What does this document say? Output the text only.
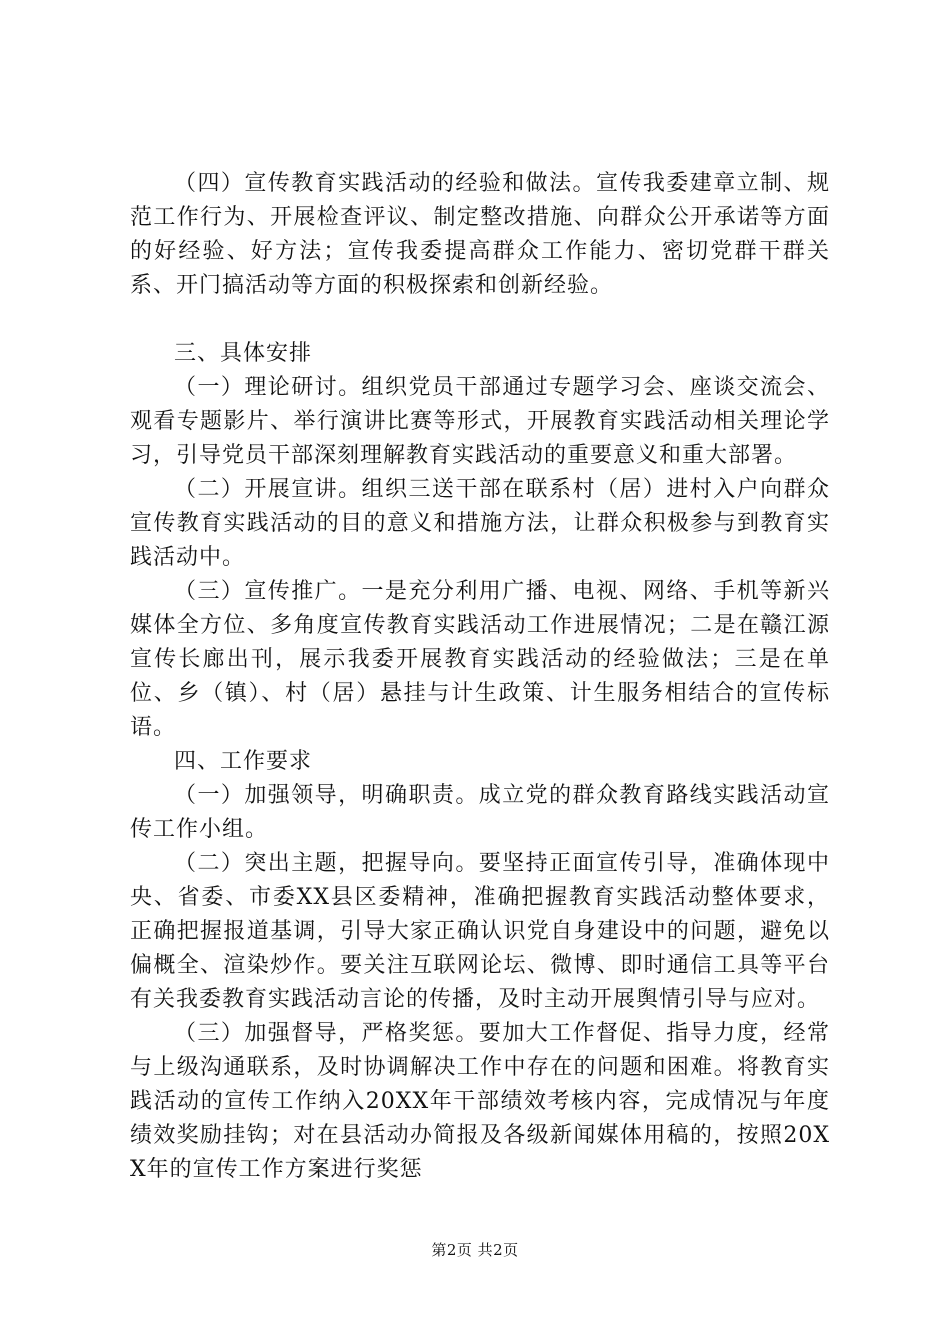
（四）宣传教育实践活动的经验和做法。宣传我委建章立制、规范工作行为、开展检查评议、制定整改措施、向群众公开承诺等方面的好经验、好方法；宣传我委提高群众工作能力、密切党群干群关系、开门搞活动等方面的积极探索和创新经验。

三、具体安排

（一）理论研讨。组织党员干部通过专题学习会、座谈交流会、观看专题影片、举行演讲比赛等形式，开展教育实践活动相关理论学习，引导党员干部深刻理解教育实践活动的重要意义和重大部署。

（二）开展宣讲。组织三送干部在联系村（居）进村入户向群众宣传教育实践活动的目的意义和措施方法，让群众积极参与到教育实践活动中。

（三）宣传推广。一是充分利用广播、电视、网络、手机等新兴媒体全方位、多角度宣传教育实践活动工作进展情况；二是在赣江源宣传长廊出刊，展示我委开展教育实践活动的经验做法；三是在单位、乡（镇）、村（居）悬挂与计生政策、计生服务相结合的宣传标语。

四、工作要求

（一）加强领导，明确职责。成立党的群众教育路线实践活动宣传工作小组。

（二）突出主题，把握导向。要坚持正面宣传引导，准确体现中央、省委、市委XX县区委精神，准确把握教育实践活动整体要求，正确把握报道基调，引导大家正确认识党自身建设中的问题，避免以偏概全、渲染炒作。要关注互联网论坛、微博、即时通信工具等平台有关我委教育实践活动言论的传播，及时主动开展舆情引导与应对。

（三）加强督导，严格奖惩。要加大工作督促、指导力度，经常与上级沟通联系，及时协调解决工作中存在的问题和困难。将教育实践活动的宣传工作纳入20XX年干部绩效考核内容，完成情况与年度绩效奖励挂钩；对在县活动办简报及各级新闻媒体用稿的，按照20XX年的宣传工作方案进行奖惩

第2页 共2页
